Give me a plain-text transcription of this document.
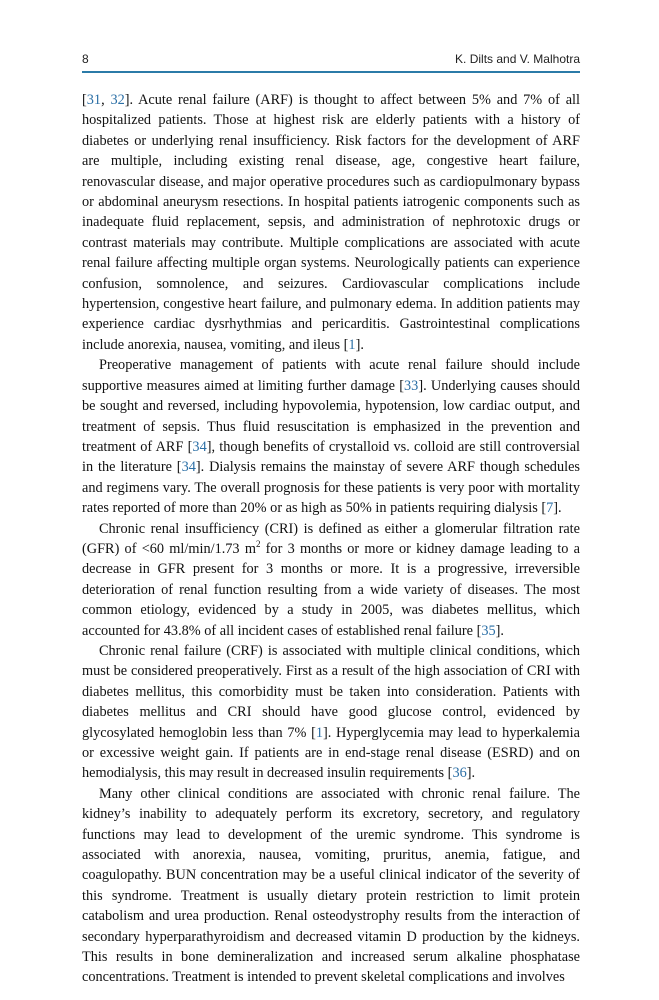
8	K. Dilts and V. Malhotra

[31, 32]. Acute renal failure (ARF) is thought to affect between 5% and 7% of all hospitalized patients. Those at highest risk are elderly patients with a history of diabetes or underlying renal insufficiency. Risk factors for the development of ARF are multiple, including existing renal disease, age, congestive heart failure, renovascular disease, and major operative procedures such as cardiopulmonary bypass or abdominal aneurysm resections. In hospital patients iatrogenic components such as inadequate fluid replacement, sepsis, and administration of nephrotoxic drugs or contrast materials may contribute. Multiple complications are associated with acute renal failure affecting multiple organ systems. Neurologically patients can experience confusion, somnolence, and seizures. Cardiovascular complications include hypertension, congestive heart failure, and pulmonary edema. In addition patients may experience cardiac dysrhythmias and pericarditis. Gastrointestinal complications include anorexia, nausea, vomiting, and ileus [1].

Preoperative management of patients with acute renal failure should include supportive measures aimed at limiting further damage [33]. Underlying causes should be sought and reversed, including hypovolemia, hypotension, low cardiac output, and treatment of sepsis. Thus fluid resuscitation is emphasized in the prevention and treatment of ARF [34], though benefits of crystalloid vs. colloid are still controversial in the literature [34]. Dialysis remains the mainstay of severe ARF though schedules and regimens vary. The overall prognosis for these patients is very poor with mortality rates reported of more than 20% or as high as 50% in patients requiring dialysis [7].

Chronic renal insufficiency (CRI) is defined as either a glomerular filtration rate (GFR) of <60 ml/min/1.73 $m^2$ for 3 months or more or kidney damage leading to a decrease in GFR present for 3 months or more. It is a progressive, irreversible deterioration of renal function resulting from a wide variety of diseases. The most common etiology, evidenced by a study in 2005, was diabetes mellitus, which accounted for 43.8% of all incident cases of established renal failure [35].

Chronic renal failure (CRF) is associated with multiple clinical conditions, which must be considered preoperatively. First as a result of the high association of CRI with diabetes mellitus, this comorbidity must be taken into consideration. Patients with diabetes mellitus and CRI should have good glucose control, evidenced by glycosylated hemoglobin less than 7% [1]. Hyperglycemia may lead to hyperkalemia or excessive weight gain. If patients are in end-stage renal disease (ESRD) and on hemodialysis, this may result in decreased insulin requirements [36].

Many other clinical conditions are associated with chronic renal failure. The kidney’s inability to adequately perform its excretory, secretory, and regulatory functions may lead to development of the uremic syndrome. This syndrome is associated with anorexia, nausea, vomiting, pruritus, anemia, fatigue, and coagulopathy. BUN concentration may be a useful clinical indicator of the severity of this syndrome. Treatment is usually dietary protein restriction to limit protein catabolism and urea production. Renal osteodystrophy results from the interaction of secondary hyperparathyroidism and decreased vitamin D production by the kidneys. This results in bone demineralization and increased serum alkaline phosphatase concentrations. Treatment is intended to prevent skeletal complications and involves
